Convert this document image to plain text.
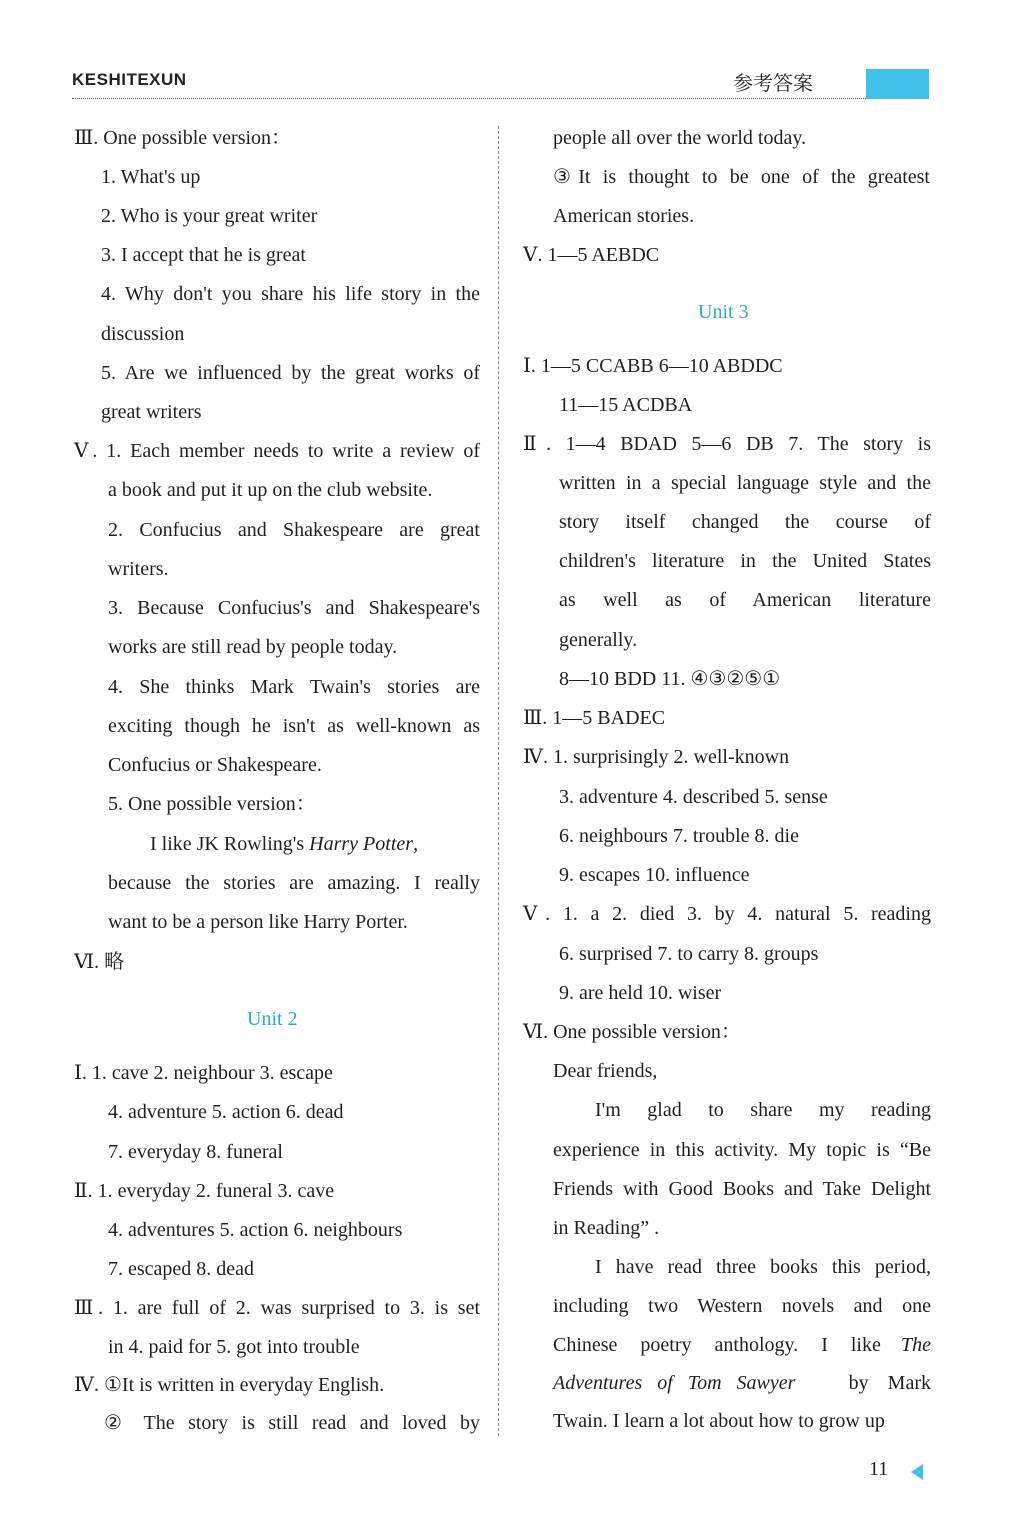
KESHITEXUN	参考答案
Ⅲ. One possible version：
1. What's up
2. Who is your great writer
3. I accept that he is great
4. Why don't you share his life story in the
discussion
5. Are we influenced by the great works of
great writers
Ⅴ. 1. Each member needs to write a review of
a book and put it up on the club website.
2. Confucius and Shakespeare are great
writers.
3. Because Confucius's and Shakespeare's
works are still read by people today.
4. She thinks Mark Twain's stories are
exciting though he isn't as well-known as
Confucius or Shakespeare.
5. One possible version：
I like JK Rowling's Harry Potter,
because the stories are amazing. I really
want to be a person like Harry Porter.
Ⅵ. 略
Unit 2
Ⅰ. 1. cave 2. neighbour 3. escape
4. adventure 5. action 6. dead
7. everyday 8. funeral
Ⅱ. 1. everyday 2. funeral 3. cave
4. adventures 5. action 6. neighbours
7. escaped 8. dead
Ⅲ. 1. are full of 2. was surprised to 3. is set
in 4. paid for 5. got into trouble
Ⅳ. ①It is written in everyday English.
② The story is still read and loved by
people all over the world today.
③It is thought to be one of the greatest
American stories.
Ⅴ. 1—5 AEBDC
Unit 3
Ⅰ. 1—5 CCABB 6—10 ABDDC
11—15 ACDBA
Ⅱ. 1—4 BDAD 5—6 DB 7. The story is
written in a special language style and the
story itself changed the course of
children's literature in the United States
as well as of American literature
generally.
8—10 BDD 11. ④③②⑤①
Ⅲ. 1—5 BADEC
Ⅳ. 1. surprisingly 2. well-known
3. adventure 4. described 5. sense
6. neighbours 7. trouble 8. die
9. escapes 10. influence
Ⅴ. 1. a 2. died 3. by 4. natural 5. reading
6. surprised 7. to carry 8. groups
9. are held 10. wiser
Ⅵ. One possible version：
Dear friends,
I'm glad to share my reading
experience in this activity. My topic is “Be
Friends with Good Books and Take Delight
in Reading” .
I have read three books this period,
including two Western novels and one
Chinese poetry anthology. I like The
Adventures of Tom Sawyer	by Mark
Twain. I learn a lot about how to grow up
11
